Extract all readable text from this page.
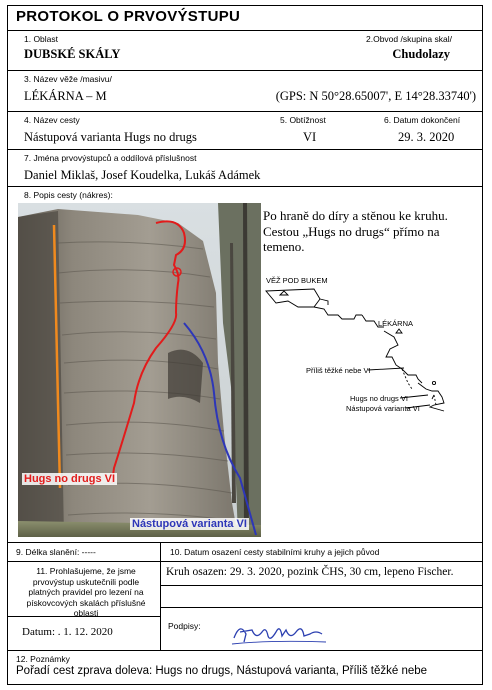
PROTOKOL O PRVOVÝSTUPU
1. Oblast
DUBSKÉ SKÁLY
2.Obvod /skupina skal/
Chudolazy
3. Název věže /masivu/
LÉKÁRNA – M	(GPS: N 50°28.65007', E 14°28.33740')
4. Název cesty
Nástupová varianta Hugs no drugs
5. Obtížnost
VI
6. Datum dokončení
29. 3. 2020
7. Jména prvovýstupců a oddílová příslušnost
Daniel Miklaš, Josef Koudelka, Lukáš Adámek
8. Popis cesty (nákres):
Hugs no drugs VI
Nástupová varianta VI
Po hraně do díry a stěnou ke kruhu. Cestou „Hugs no drugs“ přímo na temeno.
VĚŽ POD BUKEM
LÉKÁRNA
Příliš těžké nebe VI
Hugs no drugs VI
Nástupová varianta VI
9. Délka slanění: -----	10. Datum osazení cesty stabilními kruhy a jejich původ
11. Prohlašujeme, že jsme prvovýstup uskutečnili podle platných pravidel pro lezení na pískovcových skalách příslušné oblasti
Kruh osazen: 29. 3. 2020, pozink ČHS, 30 cm, lepeno Fischer.
Datum: . 1. 12. 2020	Podpisy:
12. Poznámky
Pořadí cest zprava doleva: Hugs no drugs, Nástupová varianta, Příliš těžké nebe
